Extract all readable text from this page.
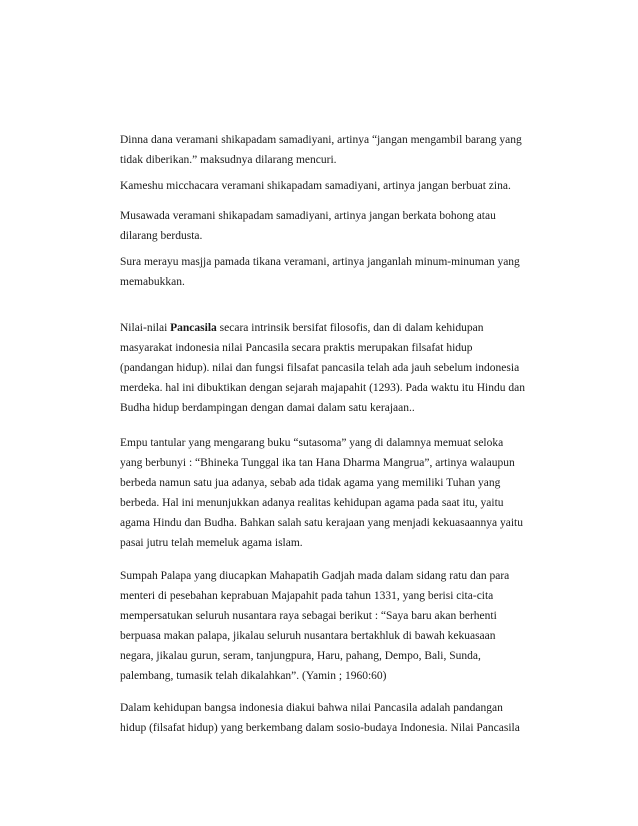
Dinna dana veramani shikapadam samadiyani, artinya “jangan mengambil barang yang
tidak diberikan.” maksudnya dilarang mencuri.

Kameshu micchacara veramani shikapadam samadiyani, artinya jangan berbuat zina.

Musawada veramani shikapadam samadiyani, artinya jangan berkata bohong atau
dilarang berdusta.

Sura merayu masjja pamada tikana veramani, artinya janganlah minum-minuman yang
memabukkan.

Nilai-nilai Pancasila secara intrinsik bersifat filosofis, dan di dalam kehidupan
masyarakat indonesia nilai Pancasila secara praktis merupakan filsafat hidup
(pandangan hidup). nilai dan fungsi filsafat pancasila telah ada jauh sebelum indonesia
merdeka. hal ini dibuktikan dengan sejarah majapahit (1293). Pada waktu itu Hindu dan
Budha hidup berdampingan dengan damai dalam satu kerajaan..

Empu tantular yang mengarang buku “sutasoma” yang di dalamnya memuat seloka
yang berbunyi : “Bhineka Tunggal ika tan Hana Dharma Mangrua”, artinya walaupun
berbeda namun satu jua adanya, sebab ada tidak agama yang memiliki Tuhan yang
berbeda. Hal ini menunjukkan adanya realitas kehidupan agama pada saat itu, yaitu
agama Hindu dan Budha. Bahkan salah satu kerajaan yang menjadi kekuasaannya yaitu
pasai jutru telah memeluk agama islam.

Sumpah Palapa yang diucapkan Mahapatih Gadjah mada dalam sidang ratu dan para
menteri di pesebahan keprabuan Majapahit pada tahun 1331, yang berisi cita-cita
mempersatukan seluruh nusantara raya sebagai berikut : “Saya baru akan berhenti
berpuasa makan palapa, jikalau seluruh nusantara bertakhluk di bawah kekuasaan
negara, jikalau gurun, seram, tanjungpura, Haru, pahang, Dempo, Bali, Sunda,
palembang, tumasik telah dikalahkan”. (Yamin ; 1960:60)

Dalam kehidupan bangsa indonesia diakui bahwa nilai Pancasila adalah pandangan
hidup (filsafat hidup) yang berkembang dalam sosio-budaya Indonesia. Nilai Pancasila
